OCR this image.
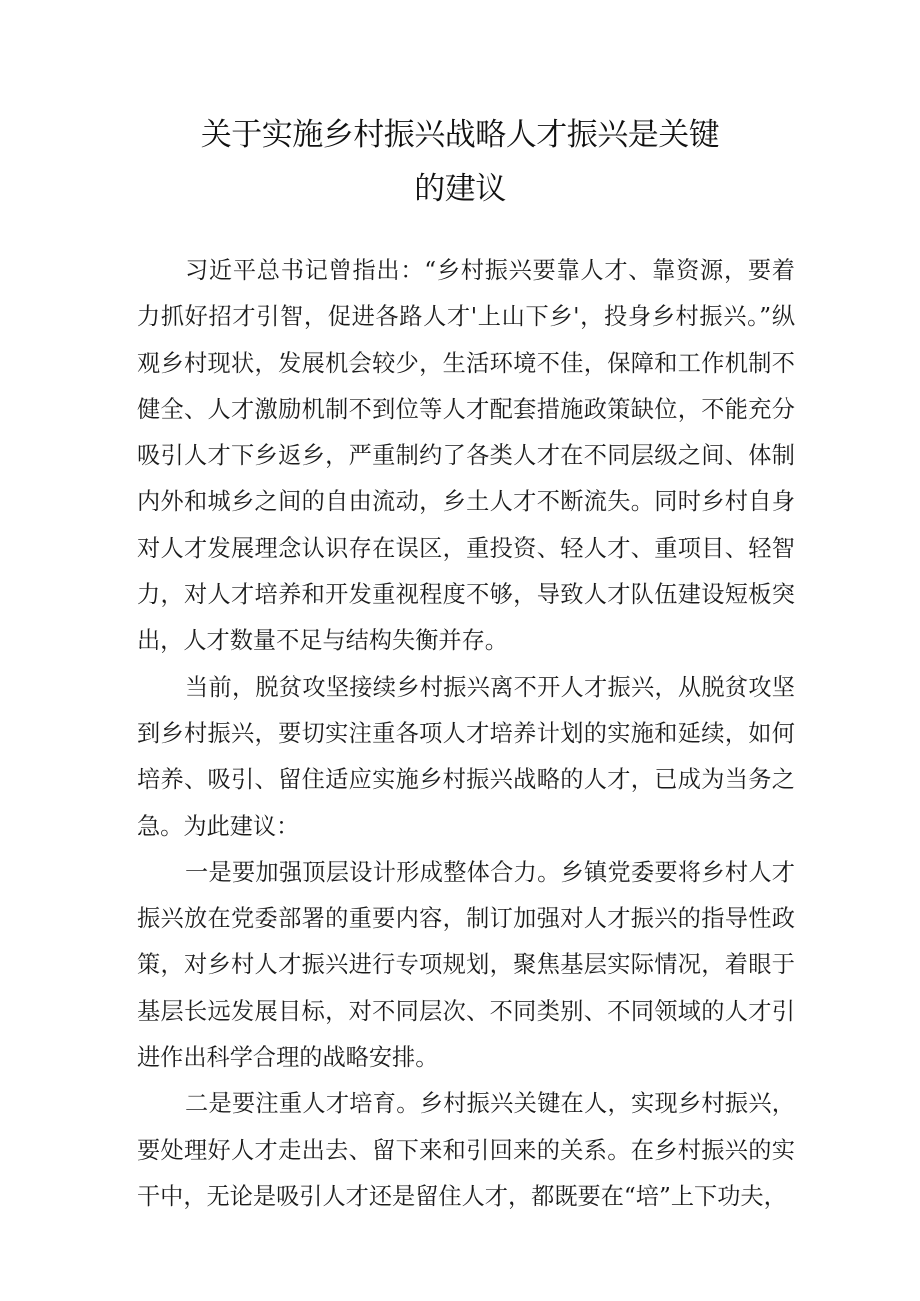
关于实施乡村振兴战略人才振兴是关键
的建议

习近平总书记曾指出：“乡村振兴要靠人才、靠资源，要着力抓好招才引智，促进各路人才'上山下乡'，投身乡村振兴。”纵观乡村现状，发展机会较少，生活环境不佳，保障和工作机制不健全、人才激励机制不到位等人才配套措施政策缺位，不能充分吸引人才下乡返乡，严重制约了各类人才在不同层级之间、体制内外和城乡之间的自由流动，乡土人才不断流失。同时乡村自身对人才发展理念认识存在误区，重投资、轻人才、重项目、轻智力，对人才培养和开发重视程度不够，导致人才队伍建设短板突出，人才数量不足与结构失衡并存。

当前，脱贫攻坚接续乡村振兴离不开人才振兴，从脱贫攻坚到乡村振兴，要切实注重各项人才培养计划的实施和延续，如何培养、吸引、留住适应实施乡村振兴战略的人才，已成为当务之急。为此建议：

一是要加强顶层设计形成整体合力。乡镇党委要将乡村人才振兴放在党委部署的重要内容，制订加强对人才振兴的指导性政策，对乡村人才振兴进行专项规划，聚焦基层实际情况，着眼于基层长远发展目标，对不同层次、不同类别、不同领域的人才引进作出科学合理的战略安排。

二是要注重人才培育。乡村振兴关键在人，实现乡村振兴，要处理好人才走出去、留下来和引回来的关系。在乡村振兴的实干中，无论是吸引人才还是留住人才，都既要在“培”上下功夫，
